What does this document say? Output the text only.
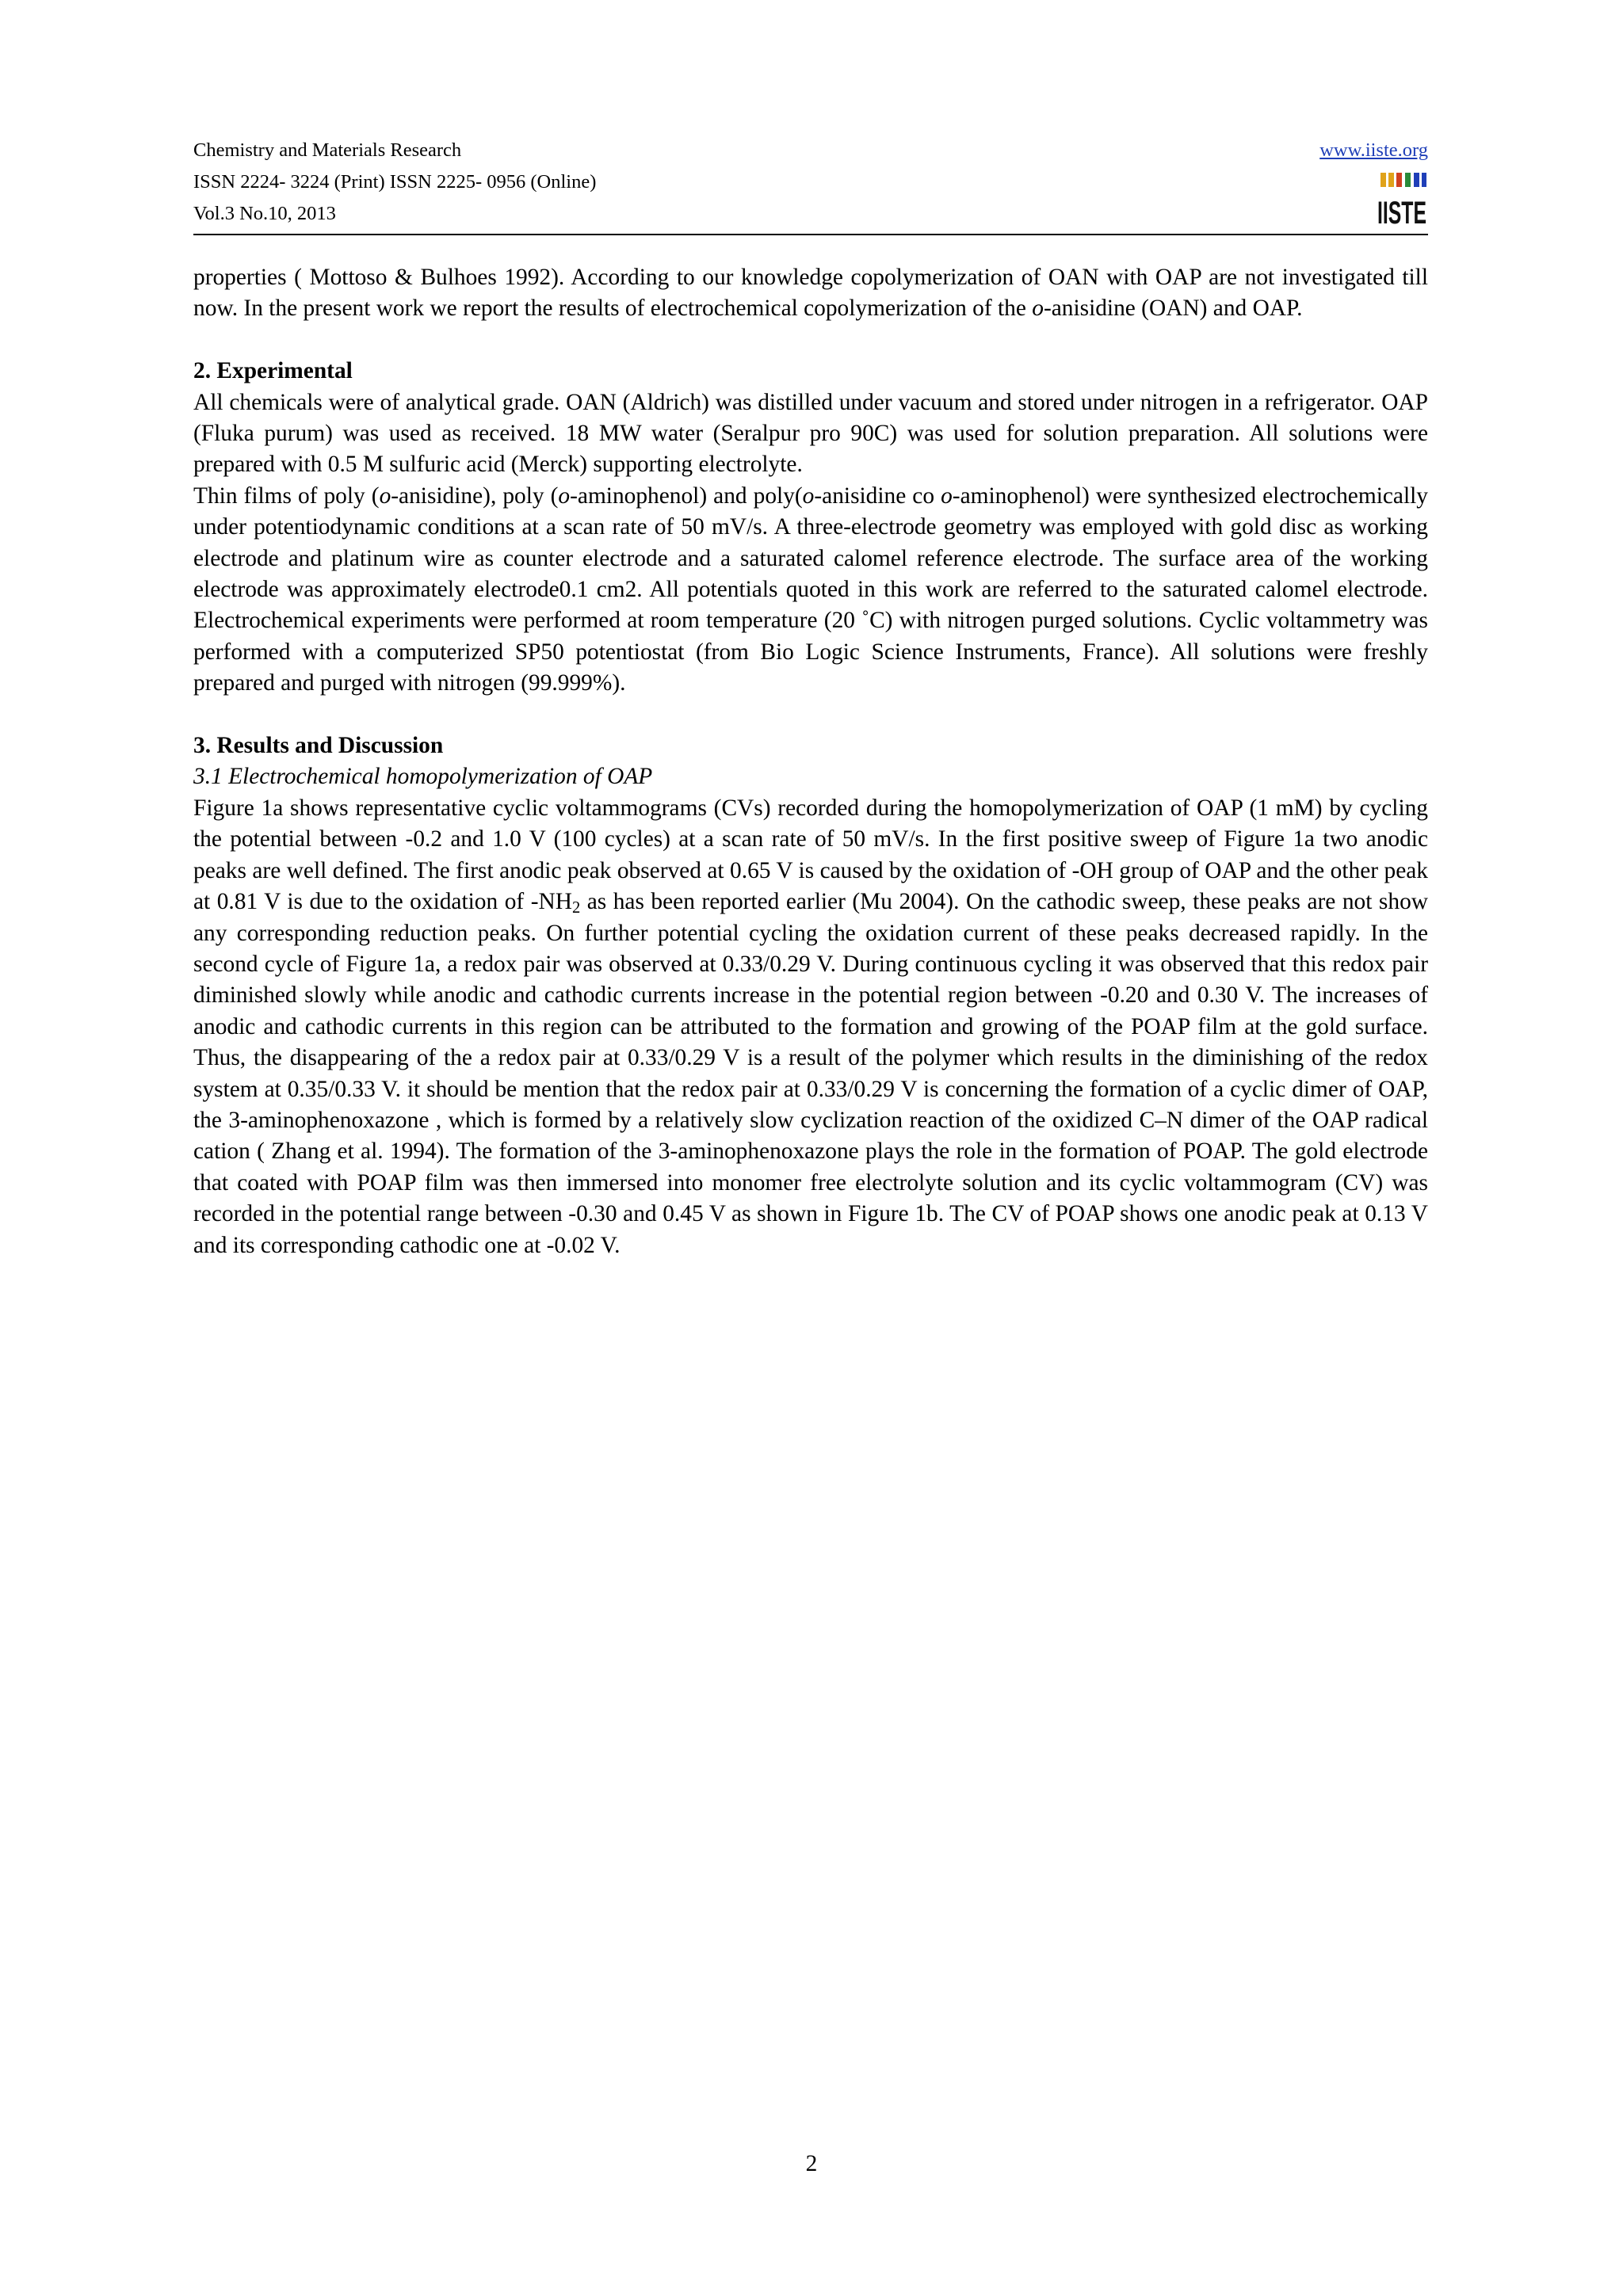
Chemistry and Materials Research
ISSN 2224- 3224 (Print) ISSN 2225- 0956 (Online)
Vol.3 No.10, 2013
www.iiste.org
IISTE

properties ( Mottoso & Bulhoes 1992). According to our knowledge copolymerization of OAN with OAP are not investigated till now. In the present work we report the results of electrochemical copolymerization of the o-anisidine (OAN) and OAP.

2. Experimental

All chemicals were of analytical grade. OAN (Aldrich) was distilled under vacuum and stored under nitrogen in a refrigerator. OAP (Fluka purum) was used as received. 18 MW water (Seralpur pro 90C) was used for solution preparation. All solutions were prepared with 0.5 M sulfuric acid (Merck) supporting electrolyte.

Thin films of poly (o-anisidine), poly (o-aminophenol) and poly(o-anisidine co o-aminophenol) were synthesized electrochemically under potentiodynamic conditions at a scan rate of 50 mV/s. A three-electrode geometry was employed with gold disc as working electrode and platinum wire as counter electrode and a saturated calomel reference electrode. The surface area of the working electrode was approximately electrode0.1 cm2. All potentials quoted in this work are referred to the saturated calomel electrode. Electrochemical experiments were performed at room temperature (20 ˚C) with nitrogen purged solutions. Cyclic voltammetry was performed with a computerized SP50 potentiostat (from Bio Logic Science Instruments, France). All solutions were freshly prepared and purged with nitrogen (99.999%).

3. Results and Discussion

3.1 Electrochemical homopolymerization of OAP

Figure 1a shows representative cyclic voltammograms (CVs) recorded during the homopolymerization of OAP (1 mM) by cycling the potential between -0.2 and 1.0 V (100 cycles) at a scan rate of 50 mV/s. In the first positive sweep of Figure 1a two anodic peaks are well defined. The first anodic peak observed at 0.65 V is caused by the oxidation of -OH group of OAP and the other peak at 0.81 V is due to the oxidation of $-NH_2$ as has been reported earlier (Mu 2004). On the cathodic sweep, these peaks are not show any corresponding reduction peaks. On further potential cycling the oxidation current of these peaks decreased rapidly. In the second cycle of Figure 1a, a redox pair was observed at 0.33/0.29 V. During continuous cycling it was observed that this redox pair diminished slowly while anodic and cathodic currents increase in the potential region between -0.20 and 0.30 V. The increases of anodic and cathodic currents in this region can be attributed to the formation and growing of the POAP film at the gold surface. Thus, the disappearing of the a redox pair at 0.33/0.29 V is a result of the polymer which results in the diminishing of the redox system at 0.35/0.33 V. it should be mention that the redox pair at 0.33/0.29 V is concerning the formation of a cyclic dimer of OAP, the 3-aminophenoxazone , which is formed by a relatively slow cyclization reaction of the oxidized C–N dimer of the OAP radical cation ( Zhang et al. 1994). The formation of the 3-aminophenoxazone plays the role in the formation of POAP. The gold electrode that coated with POAP film was then immersed into monomer free electrolyte solution and its cyclic voltammogram (CV) was recorded in the potential range between -0.30 and 0.45 V as shown in Figure 1b. The CV of POAP shows one anodic peak at 0.13 V and its corresponding cathodic one at -0.02 V.

2
